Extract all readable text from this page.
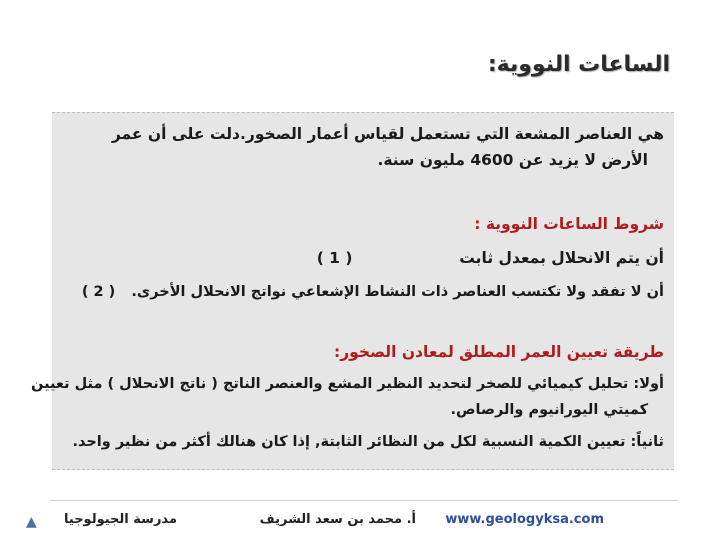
الساعات النووية:
هي العناصر المشعة التي تستعمل لقياس أعمار الصخور.دلت على أن عمر
الأرض لا يزيد عن 4600 مليون سنة.
شروط الساعات النووية :
أن يتم الانحلال بمعدل ثابت  ( 1 )
أن لا تفقد ولا تكتسب العناصر ذات النشاط الإشعاعي نواتج الانحلال الأخرى.  ( 2 )
طريقة تعيين العمر المطلق لمعادن الصخور:
أولا: تحليل كيميائي للصخر لتحديد النظير المشع والعنصر الناتج ( ناتج الانحلال ) مثل تعيين
كميتي اليورانيوم والرصاص.
ثانياً: تعيين الكمية النسبية لكل من النظائر الثابتة, إذا كان هنالك أكثر من نظير واحد.
▲	www.geologyksa.com
أ. محمد بن سعد الشريف
مدرسة الجيولوجيا
